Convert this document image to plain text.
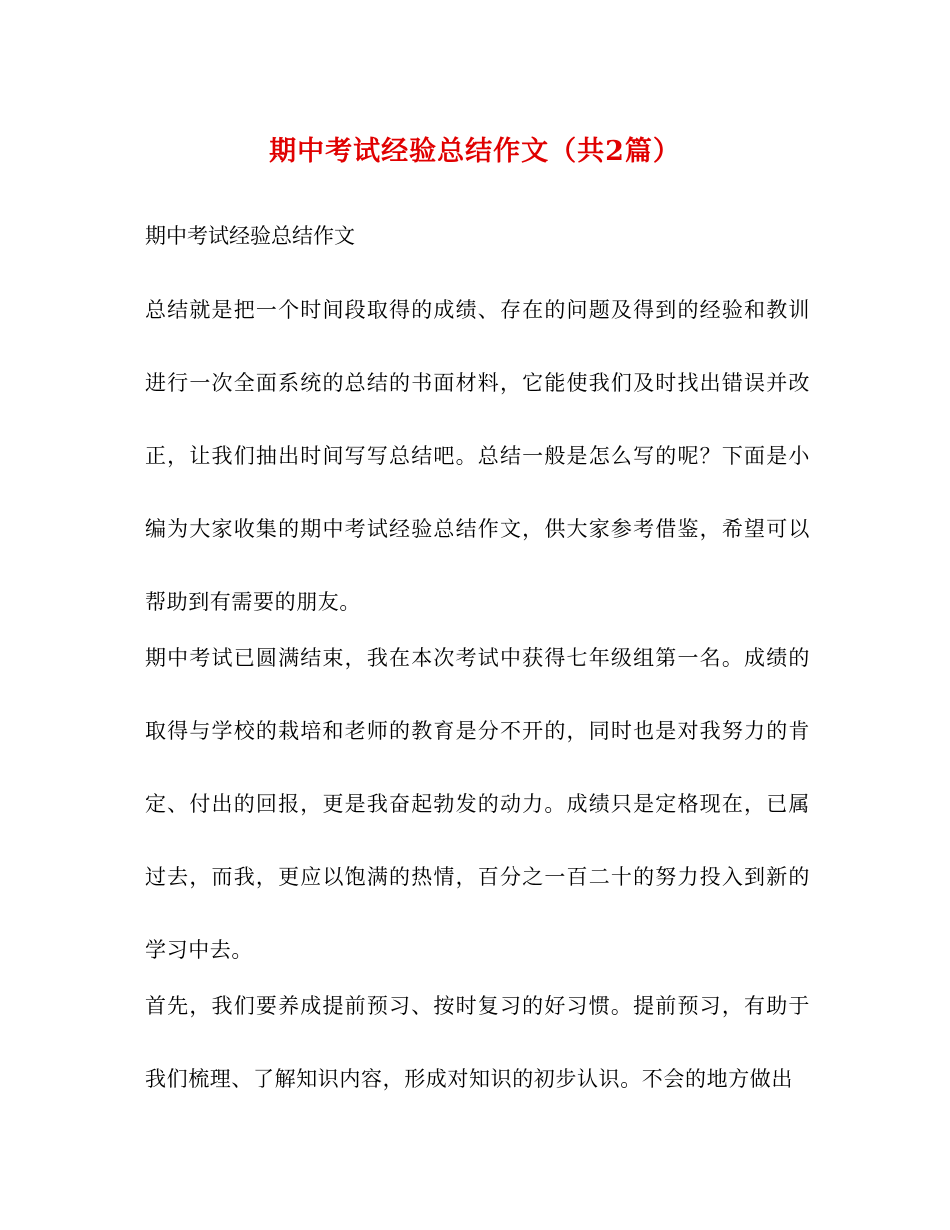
期中考试经验总结作文（共2篇）

期中考试经验总结作文

总结就是把一个时间段取得的成绩、存在的问题及得到的经验和教训进行一次全面系统的总结的书面材料，它能使我们及时找出错误并改正，让我们抽出时间写写总结吧。总结一般是怎么写的呢？下面是小编为大家收集的期中考试经验总结作文，供大家参考借鉴，希望可以帮助到有需要的朋友。

期中考试已圆满结束，我在本次考试中获得七年级组第一名。成绩的取得与学校的栽培和老师的教育是分不开的，同时也是对我努力的肯定、付出的回报，更是我奋起勃发的动力。成绩只是定格现在，已属过去，而我，更应以饱满的热情，百分之一百二十的努力投入到新的学习中去。

首先，我们要养成提前预习、按时复习的好习惯。提前预习，有助于我们梳理、了解知识内容，形成对知识的初步认识。不会的地方做出
